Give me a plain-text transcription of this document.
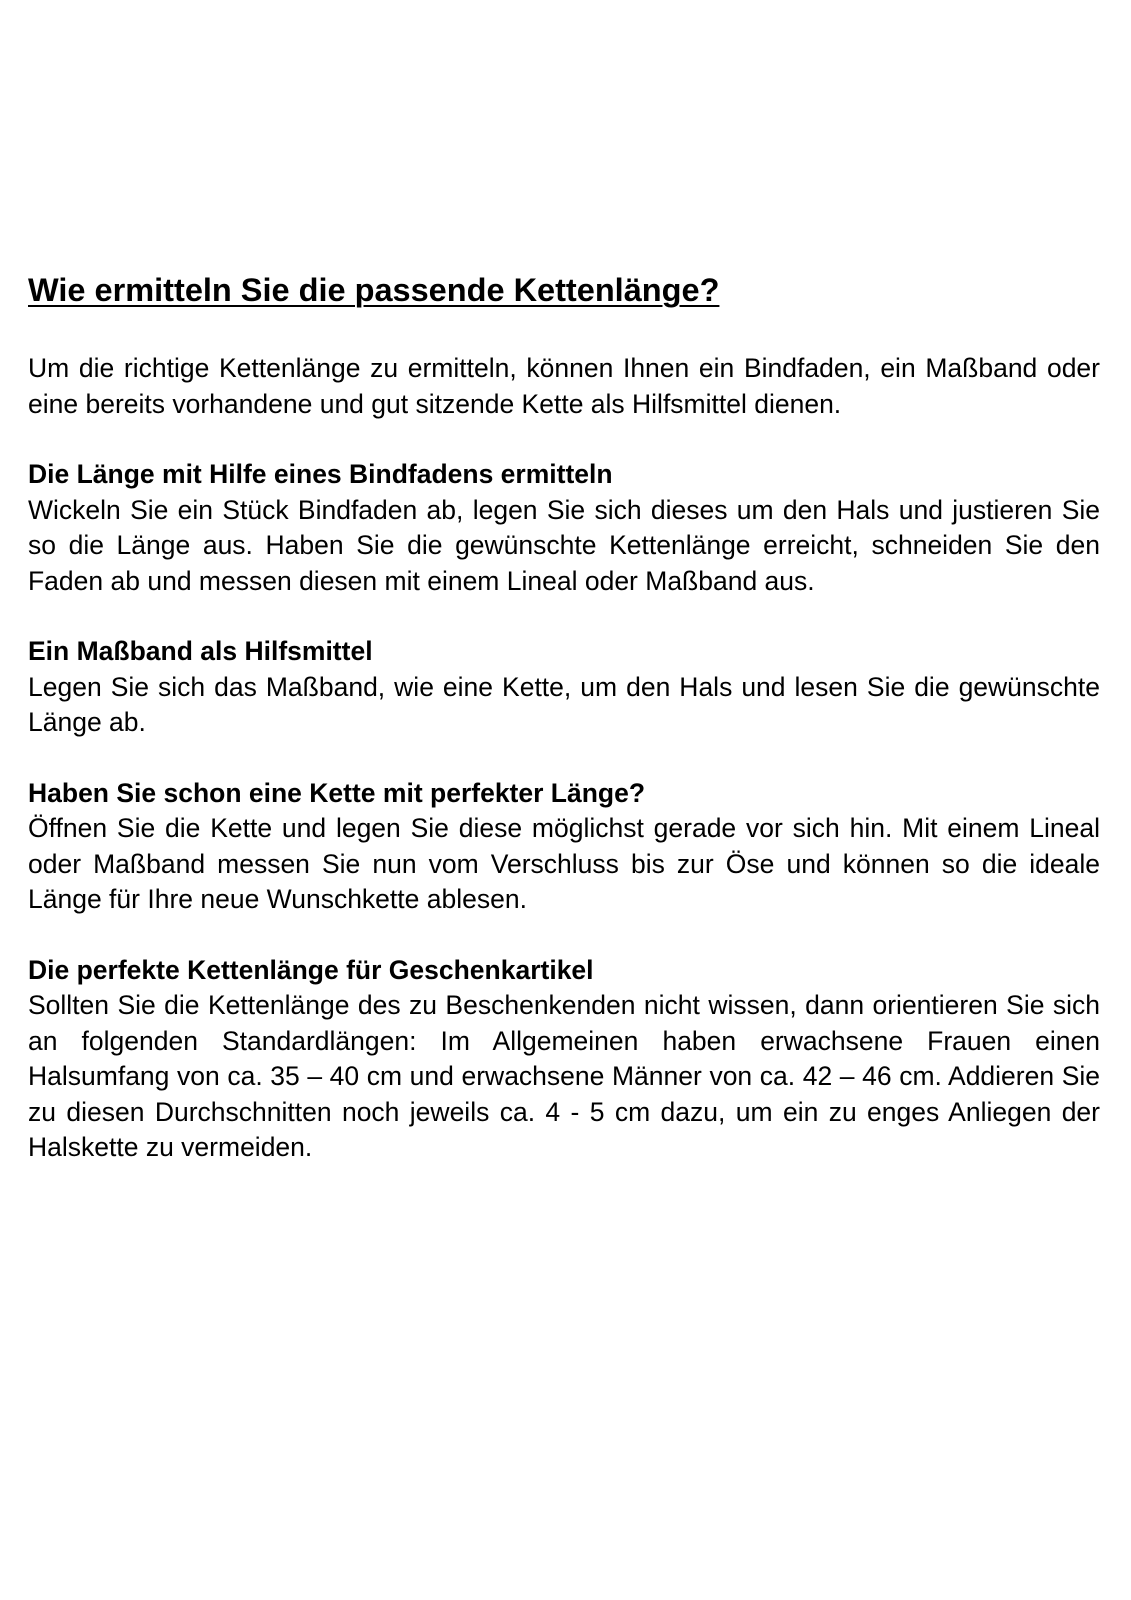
Wie ermitteln Sie die passende Kettenlänge?

Um die richtige Kettenlänge zu ermitteln, können Ihnen ein Bindfaden, ein Maßband oder eine bereits vorhandene und gut sitzende Kette als Hilfsmittel dienen.

Die Länge mit Hilfe eines Bindfadens ermitteln

Wickeln Sie ein Stück Bindfaden ab, legen Sie sich dieses um den Hals und justieren Sie so die Länge aus. Haben Sie die gewünschte Kettenlänge erreicht, schneiden Sie den Faden ab und messen diesen mit einem Lineal oder Maßband aus.

Ein Maßband als Hilfsmittel

Legen Sie sich das Maßband, wie eine Kette, um den Hals und lesen Sie die gewünschte Länge ab.

Haben Sie schon eine Kette mit perfekter Länge?

Öffnen Sie die Kette und legen Sie diese möglichst gerade vor sich hin. Mit einem Lineal oder Maßband messen Sie nun vom Verschluss bis zur Öse und können so die ideale Länge für Ihre neue Wunschkette ablesen.

Die perfekte Kettenlänge für Geschenkartikel

Sollten Sie die Kettenlänge des zu Beschenkenden nicht wissen, dann orientieren Sie sich an folgenden Standardlängen: Im Allgemeinen haben erwachsene Frauen einen Halsumfang von ca. 35 – 40 cm und erwachsene Männer von ca. 42 – 46 cm. Addieren Sie zu diesen Durchschnitten noch jeweils ca. 4 - 5 cm dazu, um ein zu enges Anliegen der Halskette zu vermeiden.
